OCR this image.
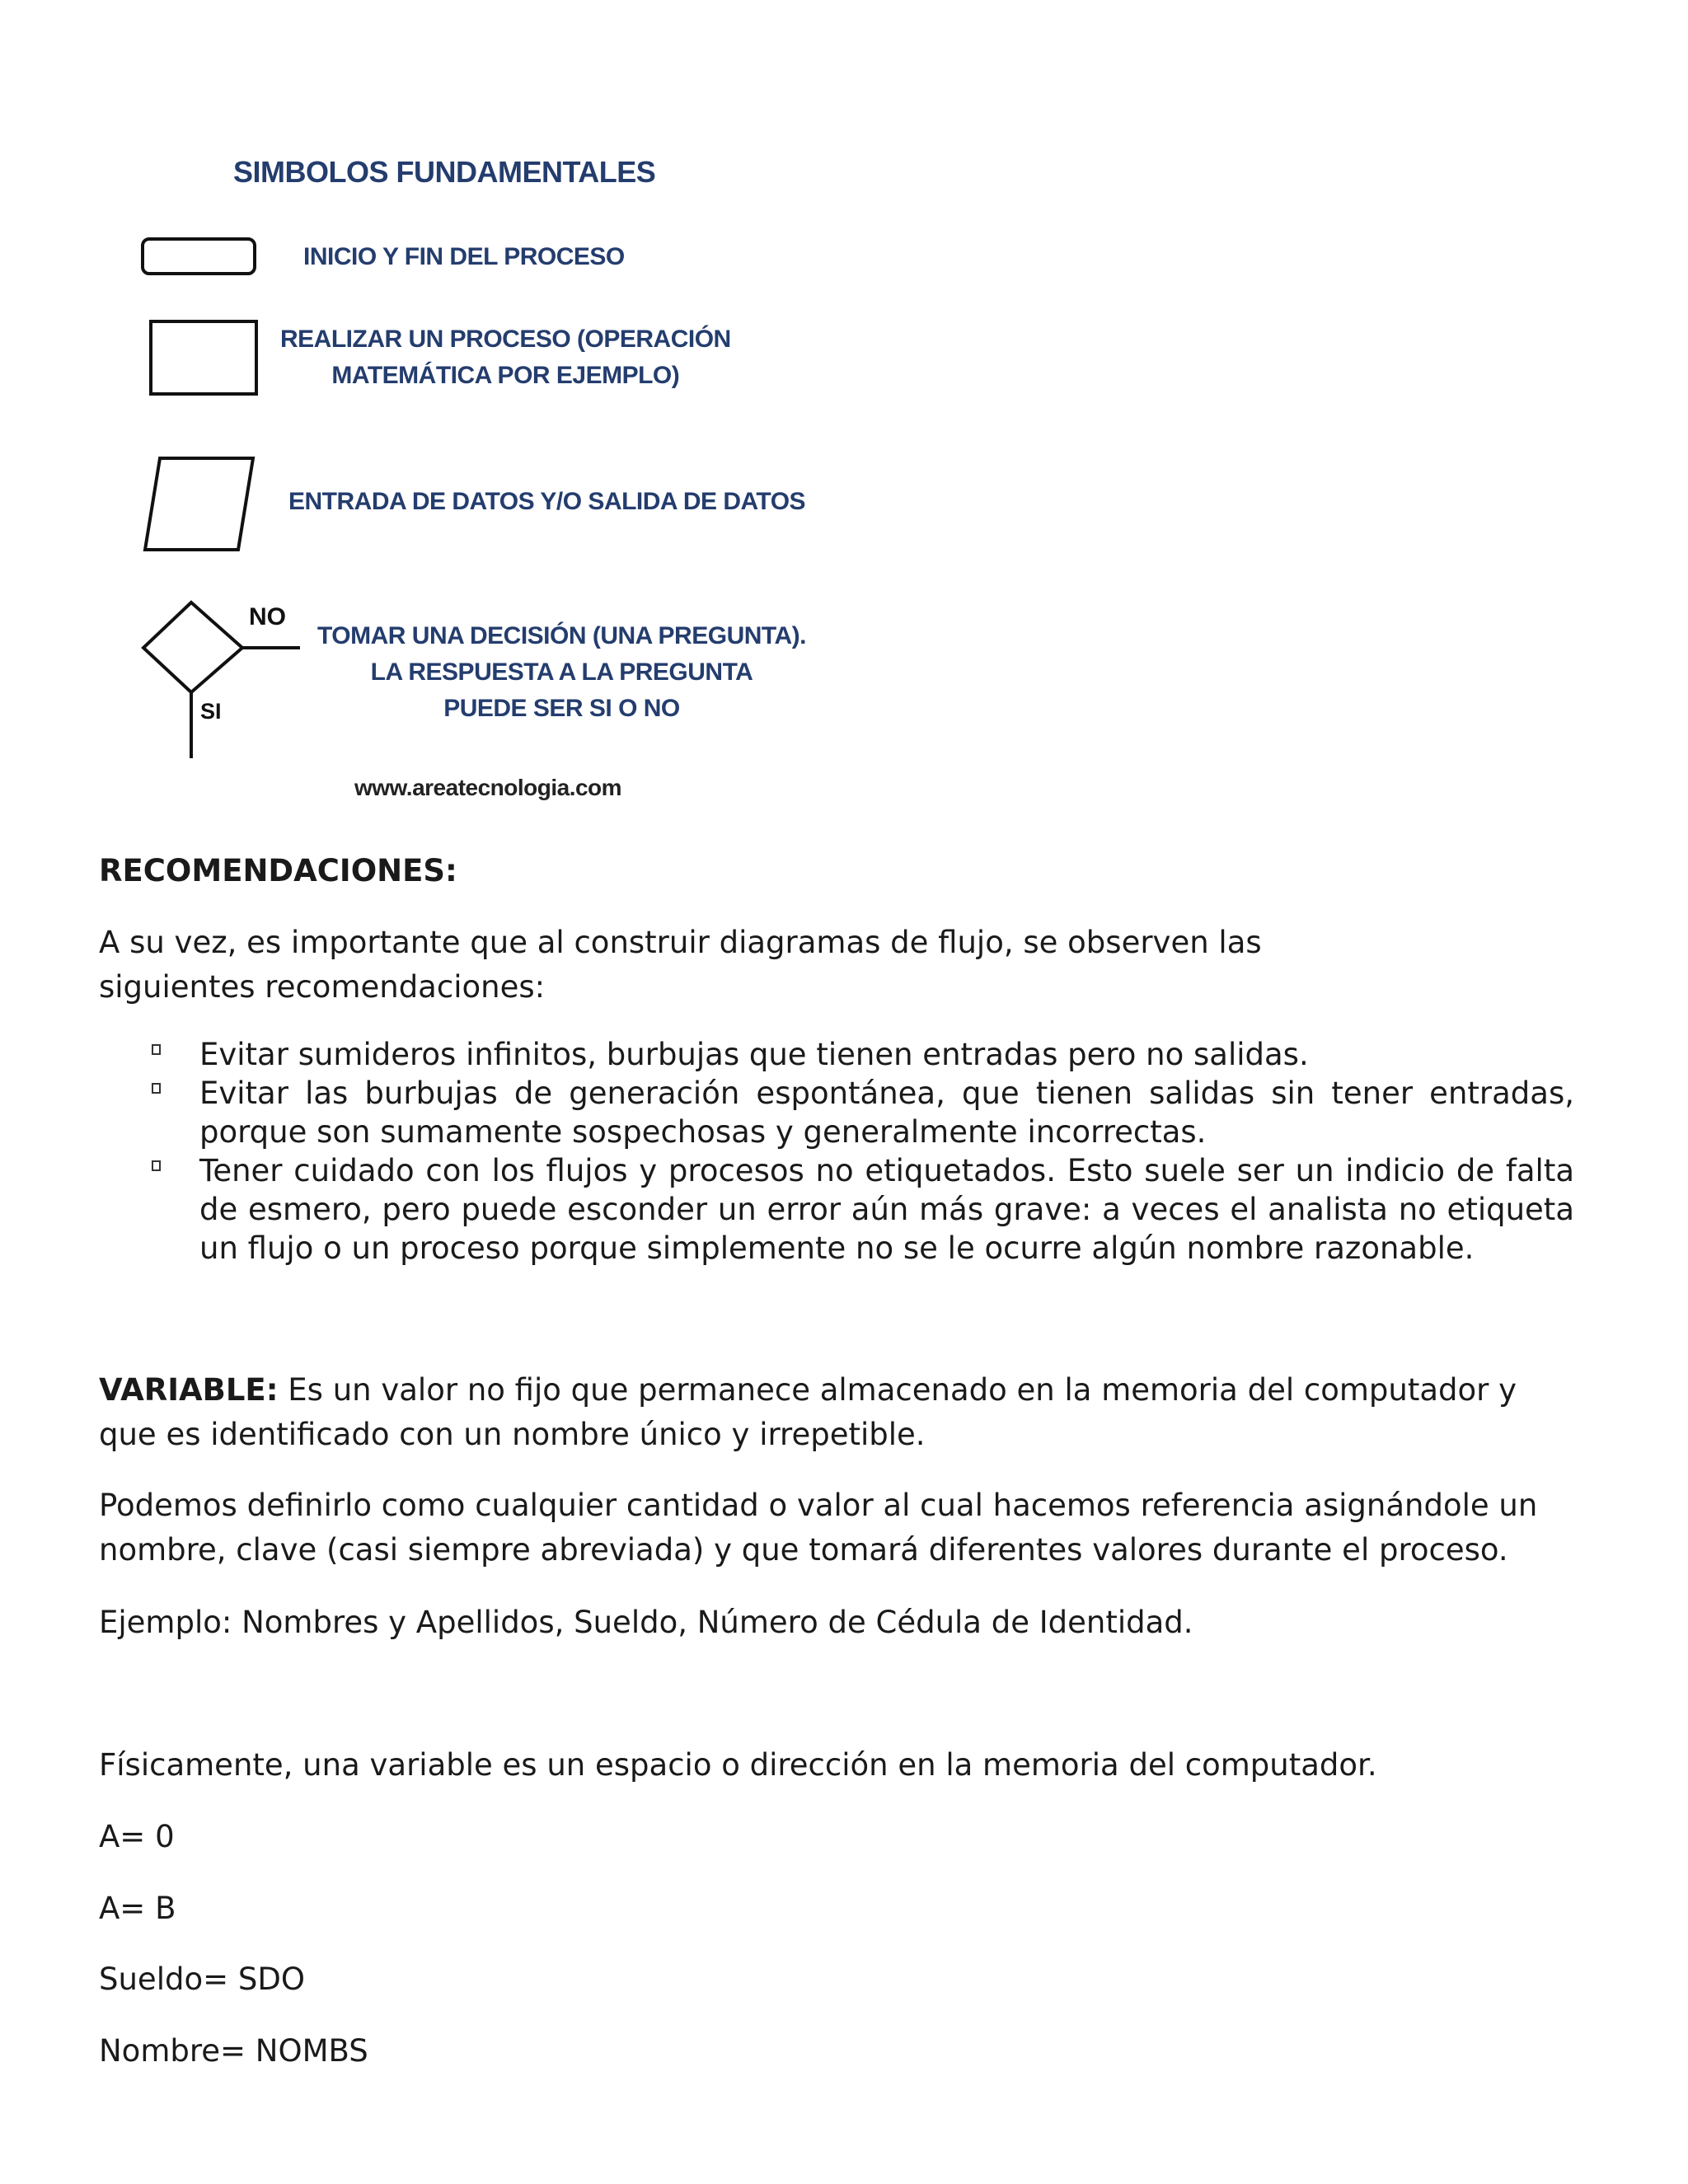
SIMBOLOS FUNDAMENTALES
INICIO Y FIN DEL PROCESO
REALIZAR UN PROCESO (OPERACIÓN
MATEMÁTICA POR EJEMPLO)
ENTRADA DE DATOS Y/O SALIDA DE DATOS
TOMAR UNA DECISIÓN (UNA PREGUNTA).
LA RESPUESTA A LA PREGUNTA
PUEDE SER SI O NO
NO
SI
www.areatecnologia.com

RECOMENDACIONES:

A su vez, es importante que al construir diagramas de flujo, se observen las siguientes recomendaciones:

Evitar sumideros infinitos, burbujas que tienen entradas pero no salidas.
Evitar las burbujas de generación espontánea, que tienen salidas sin tener entradas, porque son sumamente sospechosas y generalmente incorrectas.
Tener cuidado con los flujos y procesos no etiquetados. Esto suele ser un indicio de falta de esmero, pero puede esconder un error aún más grave: a veces el analista no etiqueta un flujo o un proceso porque simplemente no se le ocurre algún nombre razonable.

VARIABLE: Es un valor no fijo que permanece almacenado en la memoria del computador y que es identificado con un nombre único y irrepetible.

Podemos definirlo como cualquier cantidad o valor al cual hacemos referencia asignándole un nombre, clave (casi siempre abreviada) y que tomará diferentes valores durante el proceso.

Ejemplo: Nombres y Apellidos, Sueldo, Número de Cédula de Identidad.

Físicamente, una variable es un espacio o dirección en la memoria del computador.

A= 0

A= B

Sueldo= SDO

Nombre= NOMBS
